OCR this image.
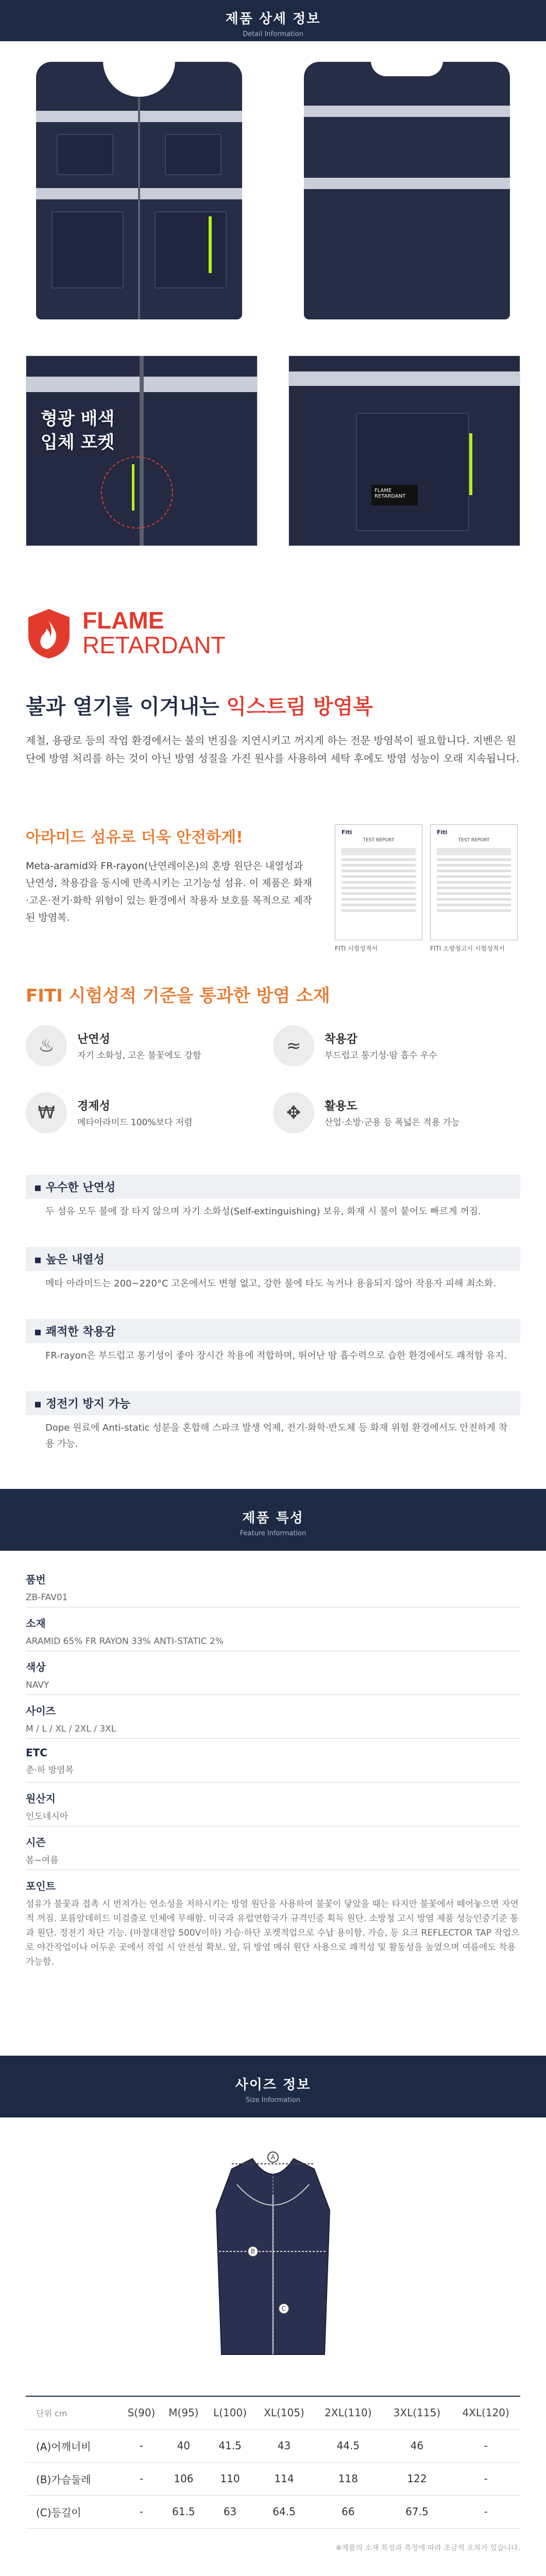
제품 상세 정보
Detail Information
형광 배색
입체 포켓
FLAME
RETARDANT
FLAME
RETARDANT
불과 열기를 이겨내는 익스트림 방염복
제철, 용광로 등의 작업 환경에서는 불의 번짐을 지연시키고 꺼지게 하는 전문 방염복이 필요합니다. 지벤은 원단에 방염 처리를 하는 것이 아닌 방염 성질을 가진 원사를 사용하여 세탁 후에도 방염 성능이 오래 지속됩니다.
아라미드 섬유로 더욱 안전하게!
Meta-aramid와 FR-rayon(난연레이온)의 혼방 원단은 내열성과 난연성, 착용감을 동시에 만족시키는 고기능성 섬유. 이 제품은 화재·고온·전기·화학 위험이 있는 환경에서 착용자 보호를 목적으로 제작된 방염복.
Fiti
TEST REPORT
Fiti
TEST REPORT
FITI 시험성적서	FITI 소방청고시 시험성적서
FITI 시험성적 기준을 통과한 방염 소재
♨	난연성
자기 소화성, 고온 불꽃에도 강함	≈	착용감
부드럽고 통기성·땀 흡수 우수
₩	경제성
메타아라미드 100%보다 저렴	✥	활용도
산업·소방·군용 등 폭넓은 적용 가능
▪ 우수한 난연성
두 섬유 모두 불에 잘 타지 않으며 자기 소화성(Self-extinguishing) 보유, 화재 시 불이 붙어도 빠르게 꺼짐.
▪ 높은 내열성
메타 아라미드는 200~220°C 고온에서도 변형 없고, 강한 불에 타도 녹거나 용융되지 않아 작용자 피해 최소화.
▪ 쾌적한 착용감
FR-rayon은 부드럽고 통기성이 좋아 장시간 착용에 적합하며, 뛰어난 땀 흡수력으로 습한 환경에서도 쾌적함 유지.
▪ 정전기 방지 가능
Dope 원료에 Anti-static 성분을 혼합해 스파크 발생 억제, 전기·화학·반도체 등 화재 위험 환경에서도 안전하게 착용 가능.
제품 특성
Feature Information
품번
ZB-FAV01
소재
ARAMID 65% FR RAYON 33% ANTI-STATIC 2%
색상
NAVY
사이즈
M / L / XL / 2XL / 3XL
ETC
춘·하 방염복
원산지
인도네시아
시즌
봄~여름
포인트
섬유가 불꽃과 접촉 시 번져가는 연소성을 저하시키는 방염 원단을 사용하여 불꽃이 닿았을 때는 타지만 불꽃에서 떼어놓으면 자연적 꺼짐. 포름알데히드 미검출로 인체에 무해함. 미국과 유럽연합국가 규격인증 획득 원단. 소방청 고시 방염 제품 성능인증기준 통과 원단. 정전기 차단 기능. (마찰대전압 500V이하) 가슴·하단 포켓적업으로 수납 용이함. 가슴, 등 요크 REFLECTOR TAP 작업으로 야간작업이나 어두운 곳에서 작업 시 안전성 확보. 앞, 뒤 방염 메쉬 원단 사용으로 쾌적성 및 활동성을 높였으며 여름에도 착용 가능함.
사이즈 정보
Size Information
A
B
C
단위 cm	S(90)	M(95)	L(100)	XL(105)	2XL(110)	3XL(115)	4XL(120)
(A)어깨너비	-	40	41.5	43	44.5	46	-
(B)가슴둘레	-	106	110	114	118	122	-
(C)등길이	-	61.5	63	64.5	66	67.5	-
※제품의 소재 특성과 측정에 따라 조금씩 오차가 있습니다.
